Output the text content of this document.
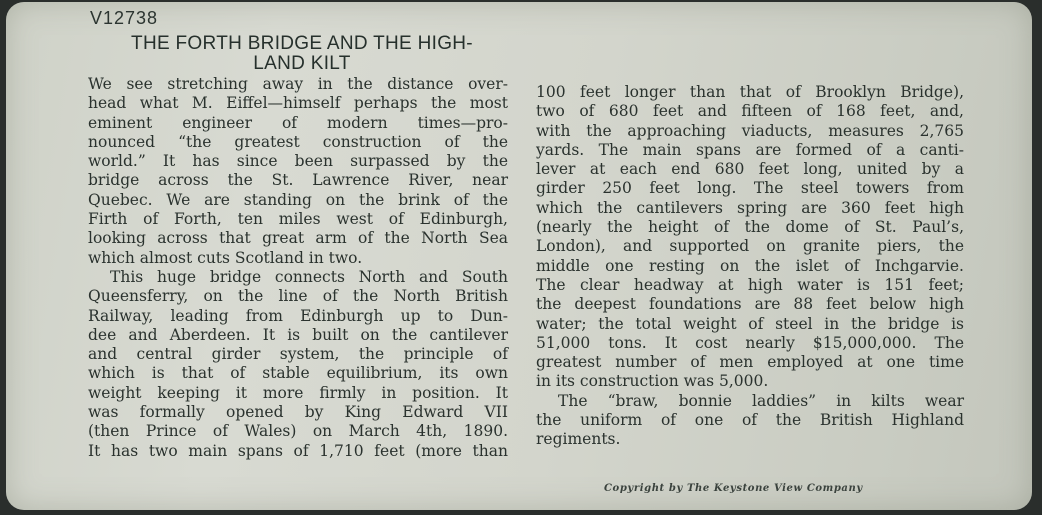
V12738
THE FORTH BRIDGE AND THE HIGH-
LAND KILT

We see stretching away in the distance over-

head what M. Eiffel—himself perhaps the most

eminent engineer of modern times—pro-

nounced “the greatest construction of the

world.” It has since been surpassed by the

bridge across the St. Lawrence River, near

Quebec. We are standing on the brink of the

Firth of Forth, ten miles west of Edinburgh,

looking across that great arm of the North Sea

which almost cuts Scotland in two.

This huge bridge connects North and South

Queensferry, on the line of the North British

Railway, leading from Edinburgh up to Dun-

dee and Aberdeen. It is built on the cantilever

and central girder system, the principle of

which is that of stable equilibrium, its own

weight keeping it more firmly in position. It

was formally opened by King Edward VII

(then Prince of Wales) on March 4th, 1890.

It has two main spans of 1,710 feet (more than

100 feet longer than that of Brooklyn Bridge),

two of 680 feet and fifteen of 168 feet, and,

with the approaching viaducts, measures 2,765

yards. The main spans are formed of a canti-

lever at each end 680 feet long, united by a

girder 250 feet long. The steel towers from

which the cantilevers spring are 360 feet high

(nearly the height of the dome of St. Paul’s,

London), and supported on granite piers, the

middle one resting on the islet of Inchgarvie.

The clear headway at high water is 151 feet;

the deepest foundations are 88 feet below high

water; the total weight of steel in the bridge is

51,000 tons. It cost nearly $15,000,000. The

greatest number of men employed at one time

in its construction was 5,000.

The “braw, bonnie laddies” in kilts wear

the uniform of one of the British Highland

regiments.

Copyright by The Keystone View Company
